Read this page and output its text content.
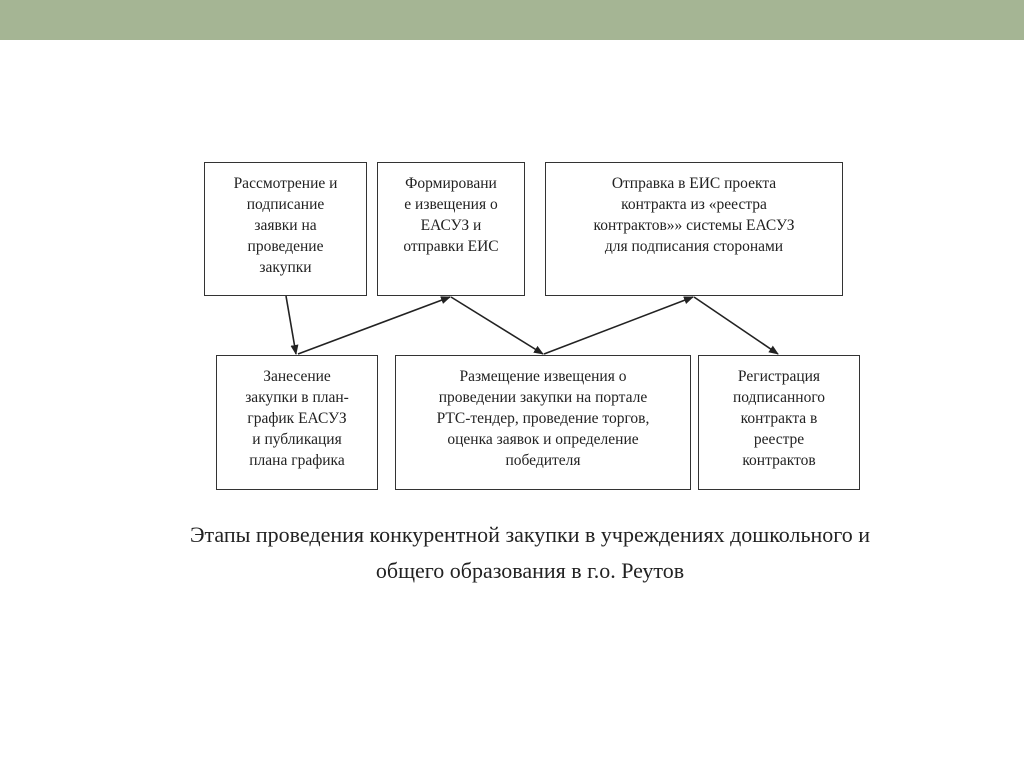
Рассмотрение и
подписание
заявки на
проведение
закупки
Формировани
е извещения о
ЕАСУЗ и
отправки ЕИС
Отправка в ЕИС проекта
контракта из «реестра
контрактов»» системы ЕАСУЗ
для подписания сторонами
Занесение
закупки в план-
график ЕАСУЗ
и публикация
плана графика
Размещение извещения о
проведении закупки на портале
РТС-тендер, проведение торгов,
оценка заявок и определение
победителя
Регистрация
подписанного
контракта в
реестре
контрактов
Этапы проведения конкурентной закупки в учреждениях дошкольного и
общего образования в г.о. Реутов
